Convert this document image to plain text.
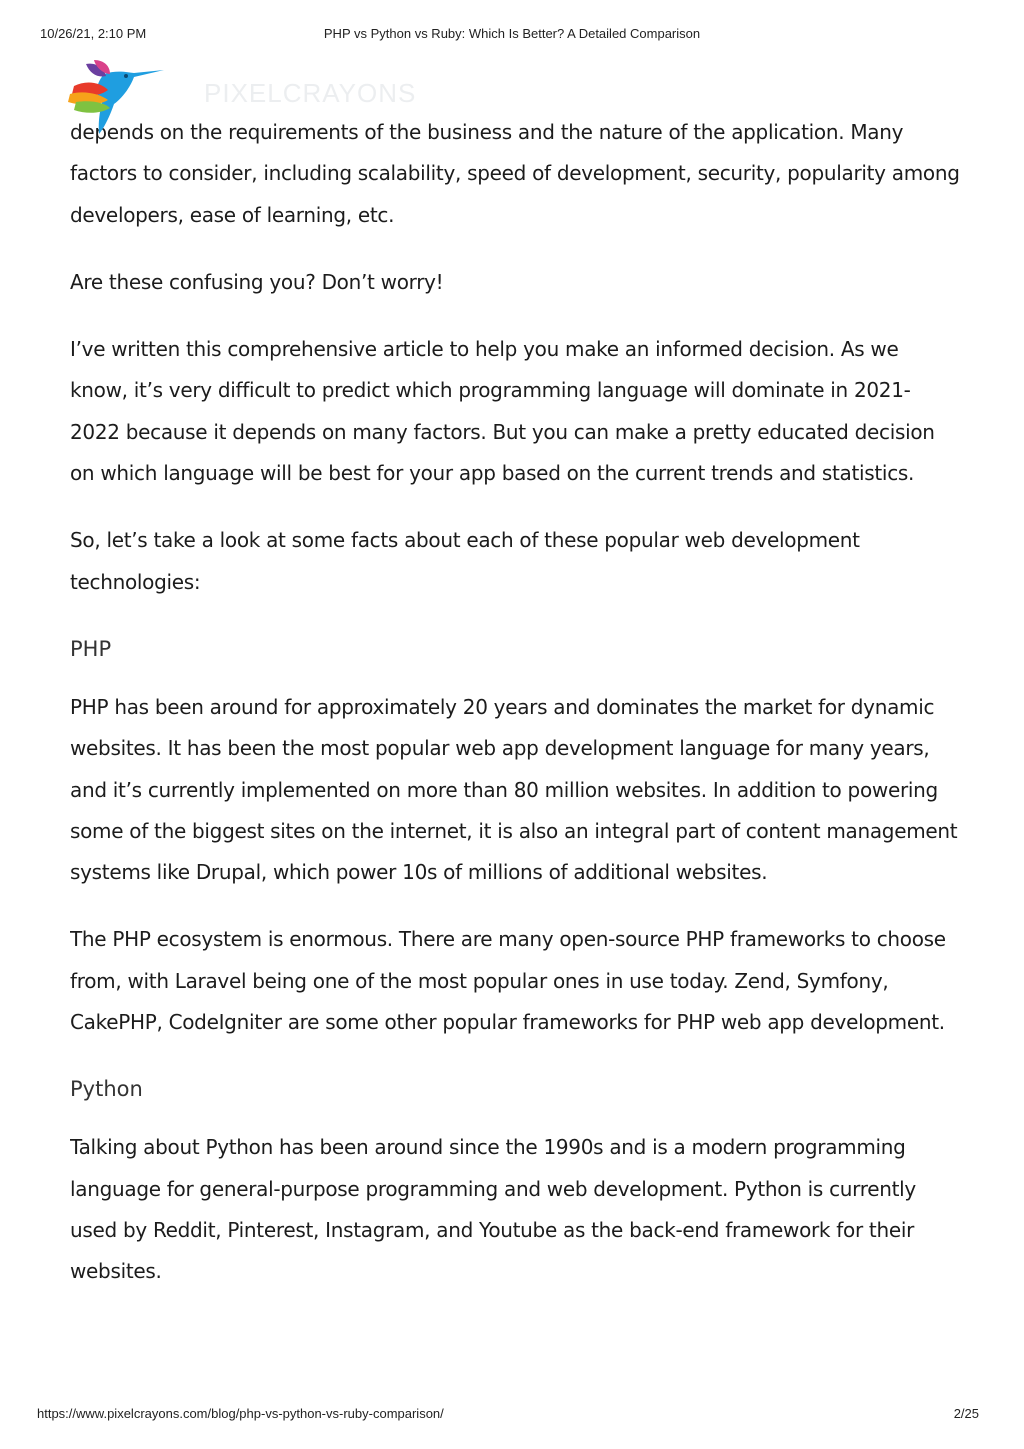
10/26/21, 2:10 PM	PHP vs Python vs Ruby: Which Is Better? A Detailed Comparison
PIXELCRAYONS

depends on the requirements of the business and the nature of the application. Many factors to consider, including scalability, speed of development, security, popularity among developers, ease of learning, etc.

Are these confusing you? Don’t worry!

I’ve written this comprehensive article to help you make an informed decision. As we know, it’s very difficult to predict which programming language will dominate in 2021-2022 because it depends on many factors. But you can make a pretty educated decision on which language will be best for your app based on the current trends and statistics.

So, let’s take a look at some facts about each of these popular web development technologies:

PHP

PHP has been around for approximately 20 years and dominates the market for dynamic websites. It has been the most popular web app development language for many years, and it’s currently implemented on more than 80 million websites. In addition to powering some of the biggest sites on the internet, it is also an integral part of content management systems like Drupal, which power 10s of millions of additional websites.

The PHP ecosystem is enormous. There are many open-source PHP frameworks to choose from, with Laravel being one of the most popular ones in use today. Zend, Symfony, CakePHP, CodeIgniter are some other popular frameworks for PHP web app development.

Python

Talking about Python has been around since the 1990s and is a modern programming language for general-purpose programming and web development. Python is currently used by Reddit, Pinterest, Instagram, and Youtube as the back-end framework for their websites.

https://www.pixelcrayons.com/blog/php-vs-python-vs-ruby-comparison/	2/25
